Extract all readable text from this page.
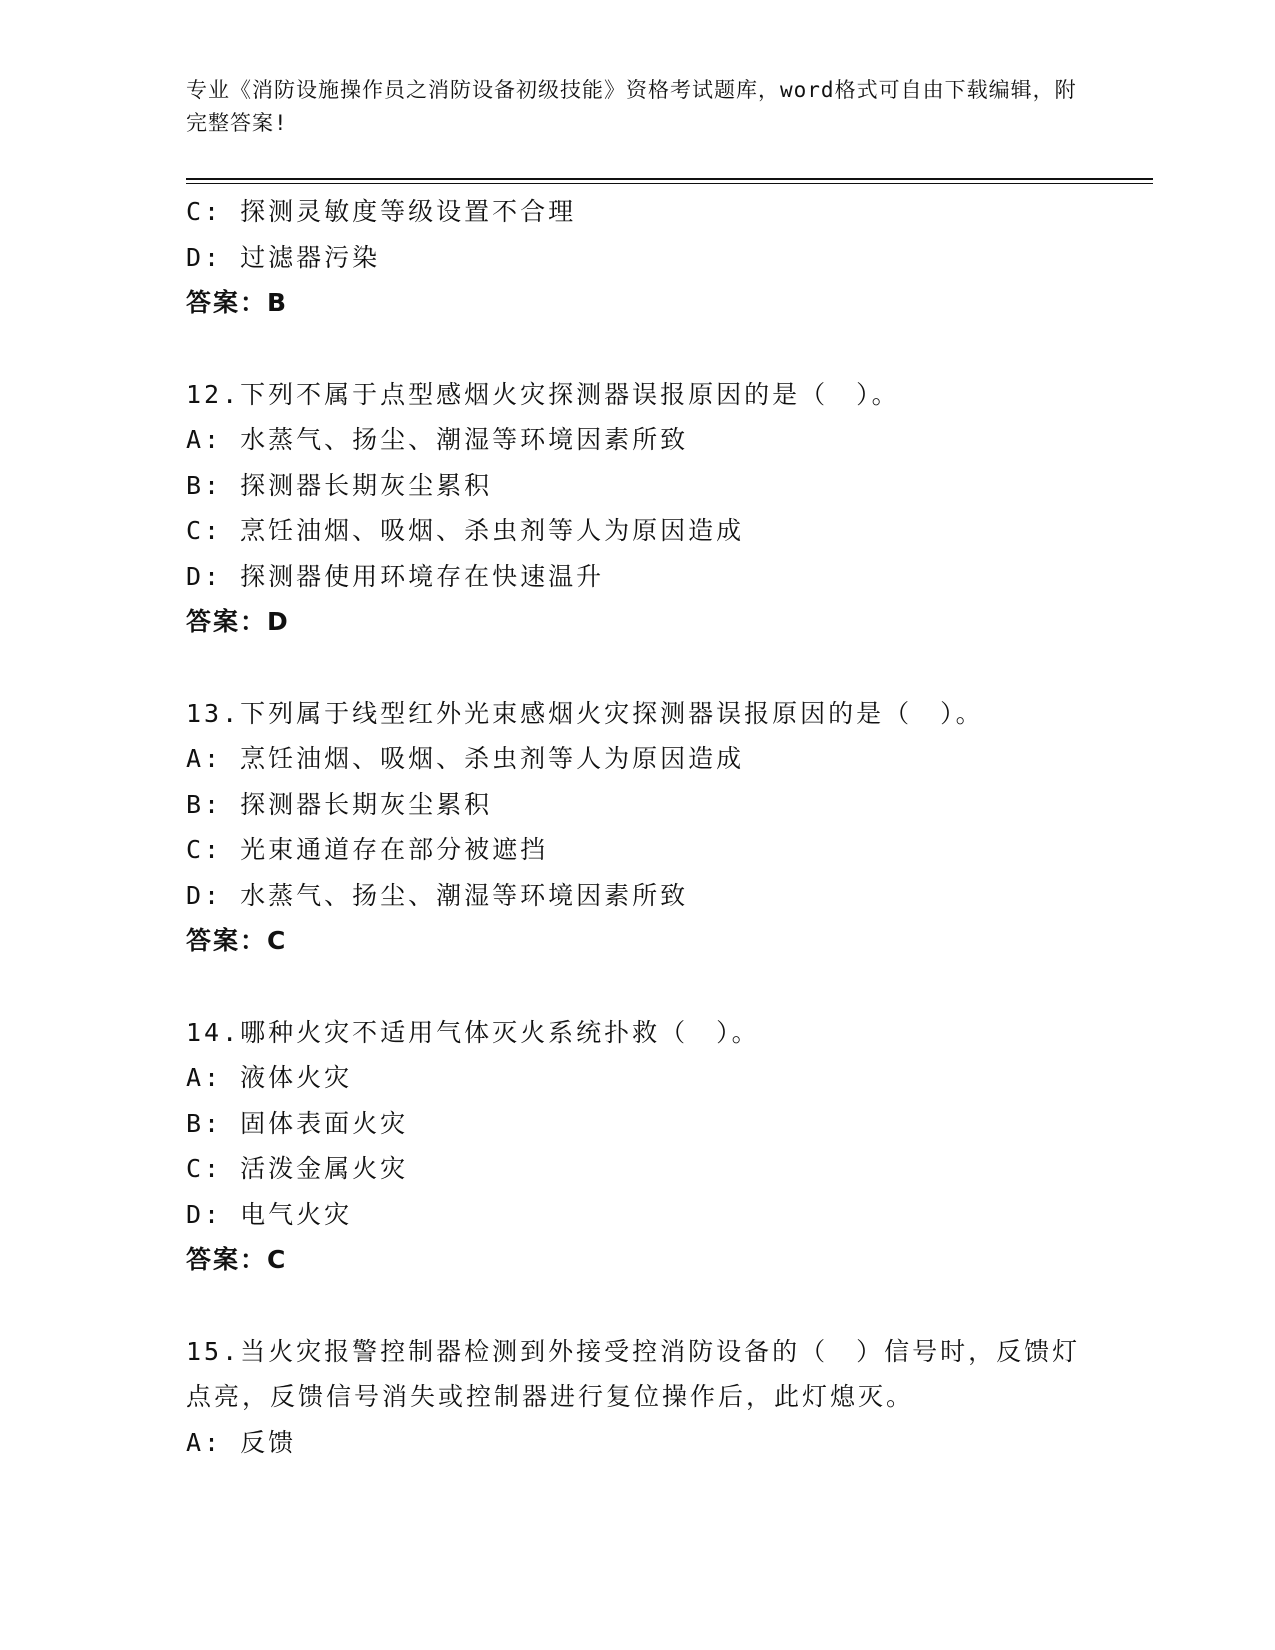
专业《消防设施操作员之消防设备初级技能》资格考试题库，word格式可自由下载编辑，附完整答案!
C: 探测灵敏度等级设置不合理
D: 过滤器污染
答案：B
12.下列不属于点型感烟火灾探测器误报原因的是（　）。
A: 水蒸气、扬尘、潮湿等环境因素所致
B: 探测器长期灰尘累积
C: 烹饪油烟、吸烟、杀虫剂等人为原因造成
D: 探测器使用环境存在快速温升
答案：D
13.下列属于线型红外光束感烟火灾探测器误报原因的是（　）。
A: 烹饪油烟、吸烟、杀虫剂等人为原因造成
B: 探测器长期灰尘累积
C: 光束通道存在部分被遮挡
D: 水蒸气、扬尘、潮湿等环境因素所致
答案：C
14.哪种火灾不适用气体灭火系统扑救（　）。
A: 液体火灾
B: 固体表面火灾
C: 活泼金属火灾
D: 电气火灾
答案：C
15.当火灾报警控制器检测到外接受控消防设备的（　）信号时，反馈灯点亮，反馈信号消失或控制器进行复位操作后，此灯熄灭。
A: 反馈
